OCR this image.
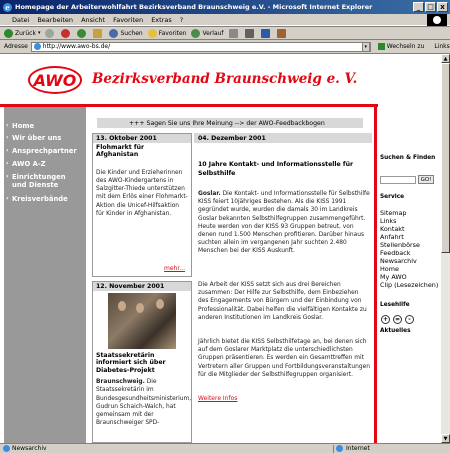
e Homepage der Arbeiterwohlfahrt Bezirksverband Braunschweig e.V. - Microsoft Internet Explorer	_ □ x
Datei Bearbeiten Ansicht Favoriten Extras ?
Zurück ▾	Suchen	Favoriten	Verlauf
Adresse	http://www.awo-bs.de/	▾	Wechseln zu Links
AWO	Bezirksverband Braunschweig e. V.
› Home
› Wir über uns
› Ansprechpartner
› AWO A-Z
› Einrichtungen und Dienste
› Kreisverbände
+++ Sagen Sie uns Ihre Meinung --> der AWO-Feedbackbogen
13. Oktober 2001
Flohmarkt für Afghanistan
Die Kinder und Erzieherinnen des AWO-Kindergartens in Salzgitter-Thiede unterstützen mit dem Erlös einer Flohmarkt-Aktion die Unicef-Hilfsaktion für Kinder in Afghanistan.
mehr...
12. November 2001
Staatssekretärin informiert sich über Diabetes-Projekt
Braunschweig. Die Staatssekretärin im Bundesgesundheitsministerium, Gudrun Schaich-Walch, hat gemeinsam mit der Braunschweiger SPD-
04. Dezember 2001
10 Jahre Kontakt- und Informationsstelle für Selbsthilfe
Goslar. Die Kontakt- und Informationsstelle für Selbsthilfe KISS feiert 10jähriges Bestehen. Als die KISS 1991 gegründet wurde, wurden die damals 30 im Landkreis Goslar bekannten Selbsthilfegruppen zusammengeführt. Heute werden von der KISS 93 Gruppen betreut, von denen rund 1.500 Menschen profitieren. Darüber hinaus suchten allein im vergangenen Jahr suchten 2.480 Menschen bei der KISS Auskunft.
Die Arbeit der KISS setzt sich aus drei Bereichen zusammen: Der Hilfe zur Selbsthilfe, dem Einbeziehen des Engagements von Bürgern und der Einbindung von Professionalität. Dabei helfen die vielfältigen Kontakte zu anderen Institutionen im Landkreis Goslar.
Jährlich bietet die KISS Selbsthilfetage an, bei denen sich auf dem Goslarer Marktplatz die unterschiedlichsten Gruppen präsentieren. Es werden ein Gesamttreffen mit Vertretern aller Gruppen und Fortbildungsveranstaltungen für die Mitglieder der Selbsthilfegruppen organisiert.
Weitere Infos
Suchen & Finden
GO!
Service
Sitemap
Links
Kontakt
Anfahrt
Stellenbörse
Feedback
Newsarchiv
Home
My AWO
Clip (Lesezeichen)
Lesehilfe
+ = -
Aktuelles
▲
▼
Newsarchiv	Internet
